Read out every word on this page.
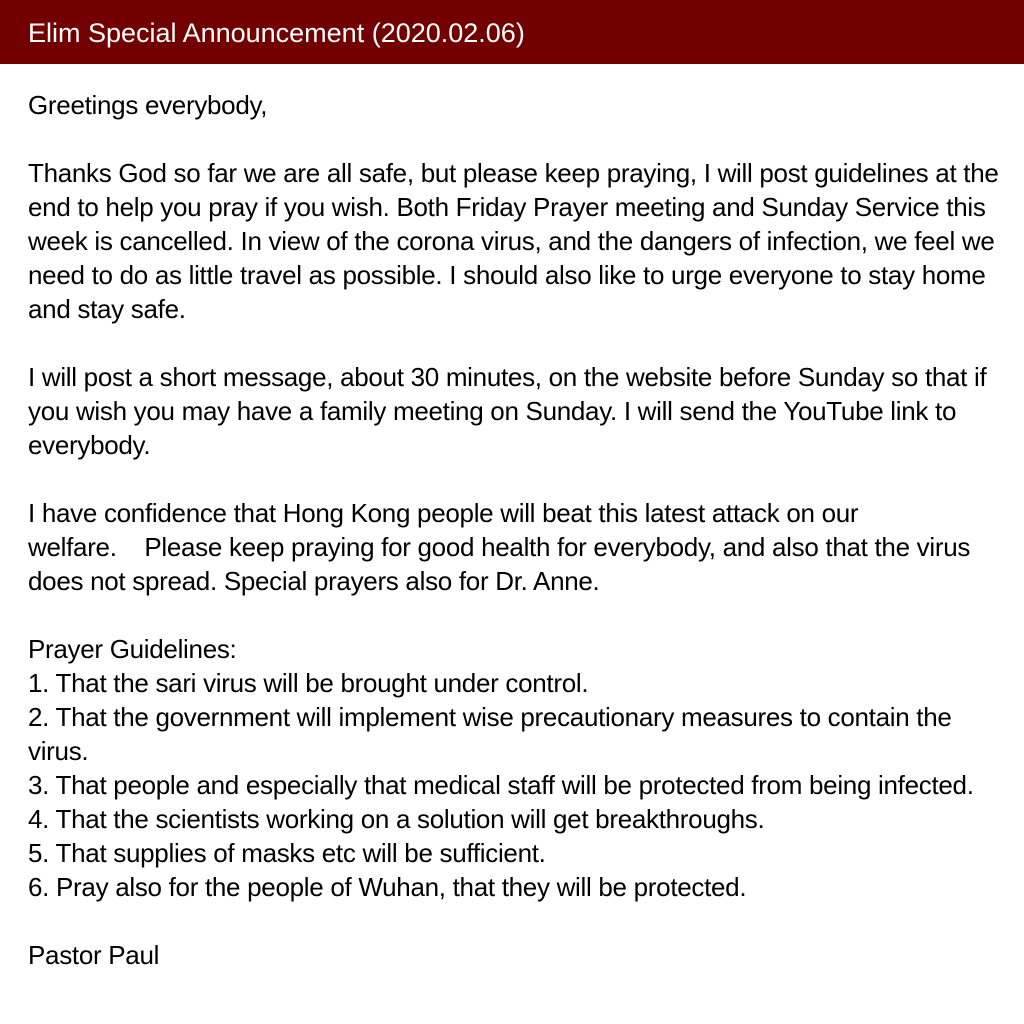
Elim Special Announcement (2020.02.06)

Greetings everybody,

Thanks God so far we are all safe, but please keep praying, I will post guidelines at the end to help you pray if you wish. Both Friday Prayer meeting and Sunday Service this week is cancelled. In view of the corona virus, and the dangers of infection, we feel we need to do as little travel as possible. I should also like to urge everyone to stay home and stay safe.

I will post a short message, about 30 minutes, on the website before Sunday so that if you wish you may have a family meeting on Sunday. I will send the YouTube link to everybody.

I have confidence that Hong Kong people will beat this latest attack on our welfare.    Please keep praying for good health for everybody, and also that the virus does not spread. Special prayers also for Dr. Anne.

Prayer Guidelines:

1. That the sari virus will be brought under control.
2. That the government will implement wise precautionary measures to contain the virus.
3. That people and especially that medical staff will be protected from being infected.
4. That the scientists working on a solution will get breakthroughs.
5. That supplies of masks etc will be sufficient.
6. Pray also for the people of Wuhan, that they will be protected.

Pastor Paul
